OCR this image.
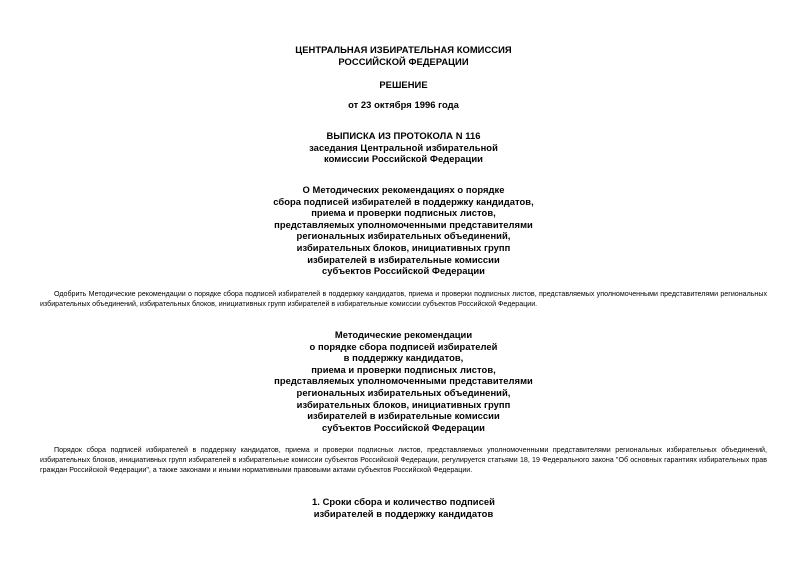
ЦЕНТРАЛЬНАЯ ИЗБИРАТЕЛЬНАЯ КОМИССИЯ
РОССИЙСКОЙ ФЕДЕРАЦИИ
РЕШЕНИЕ
от 23 октября 1996 года
ВЫПИСКА ИЗ ПРОТОКОЛА N 116
заседания Центральной избирательной
комиссии Российской Федерации
О Методических рекомендациях о порядке
сбора подписей избирателей в поддержку кандидатов,
приема и проверки подписных листов,
представляемых уполномоченными представителями
региональных избирательных объединений,
избирательных блоков, инициативных групп
избирателей в избирательные комиссии
субъектов Российской Федерации
Одобрить Методические рекомендации о порядке сбора подписей избирателей в поддержку кандидатов, приема и проверки подписных листов, представляемых уполномоченными представителями региональных
избирательных объединений, избирательных блоков, инициативных групп избирателей в избирательные комиссии субъектов Российской Федерации.
Методические рекомендации
о порядке сбора подписей избирателей
в поддержку кандидатов,
приема и проверки подписных листов,
представляемых уполномоченными представителями
региональных избирательных объединений,
избирательных блоков, инициативных групп
избирателей в избирательные комиссии
субъектов Российской Федерации
Порядок сбора подписей избирателей в поддержку кандидатов, приема и проверки подписных листов, представляемых уполномоченными представителями региональных избирательных объединений,
избирательных блоков, инициативных групп избирателей в избирательные комиссии субъектов Российской Федерации, регулируется статьями 18, 19 Федерального закона "Об основных гарантиях избирательных прав
граждан Российской Федерации", а также законами и иными нормативными правовыми актами субъектов Российской Федерации.
1. Сроки сбора и количество подписей
избирателей в поддержку кандидатов
